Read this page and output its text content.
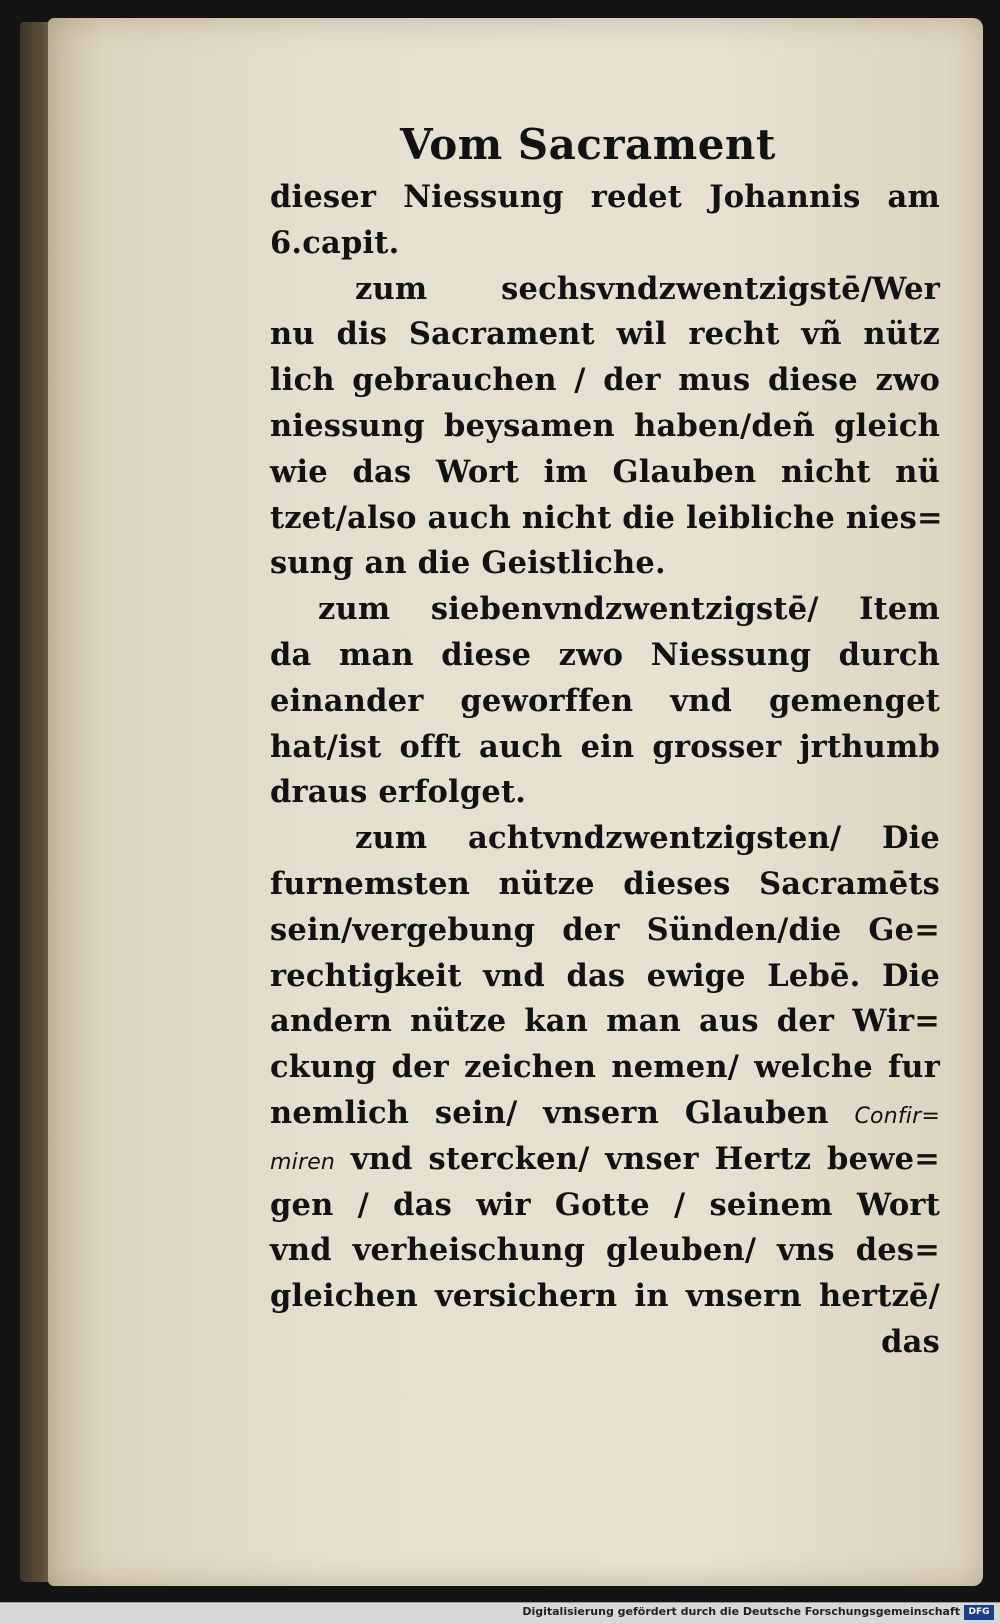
Vom Sacrament
dieser Niessung redet Johannis am
6.capit.
zum sechsvndzwentzigstē/Wer
nu dis Sacrament wil recht vñ nütz
lich gebrauchen / der mus diese zwo
niessung beysamen haben/deñ gleich
wie das Wort im Glauben nicht nü
tzet/also auch nicht die leibliche nies=
sung an die Geistliche.
zum siebenvndzwentzigstē/ Item
da man diese zwo Niessung durch
einander geworffen vnd gemenget
hat/ist offt auch ein grosser jrthumb
draus erfolget.
zum achtvndzwentzigsten/ Die
furnemsten nütze dieses Sacramēts
sein/vergebung der Sünden/die Ge=
rechtigkeit vnd das ewige Lebē. Die
andern nütze kan man aus der Wir=
ckung der zeichen nemen/ welche fur
nemlich sein/ vnsern Glauben Confir=
miren vnd stercken/ vnser Hertz bewe=
gen / das wir Gotte / seinem Wort
vnd verheischung gleuben/ vns des=
gleichen versichern in vnsern hertzē/
das
Digitalisierung gefördert durch die Deutsche Forschungsgemeinschaft DFG
